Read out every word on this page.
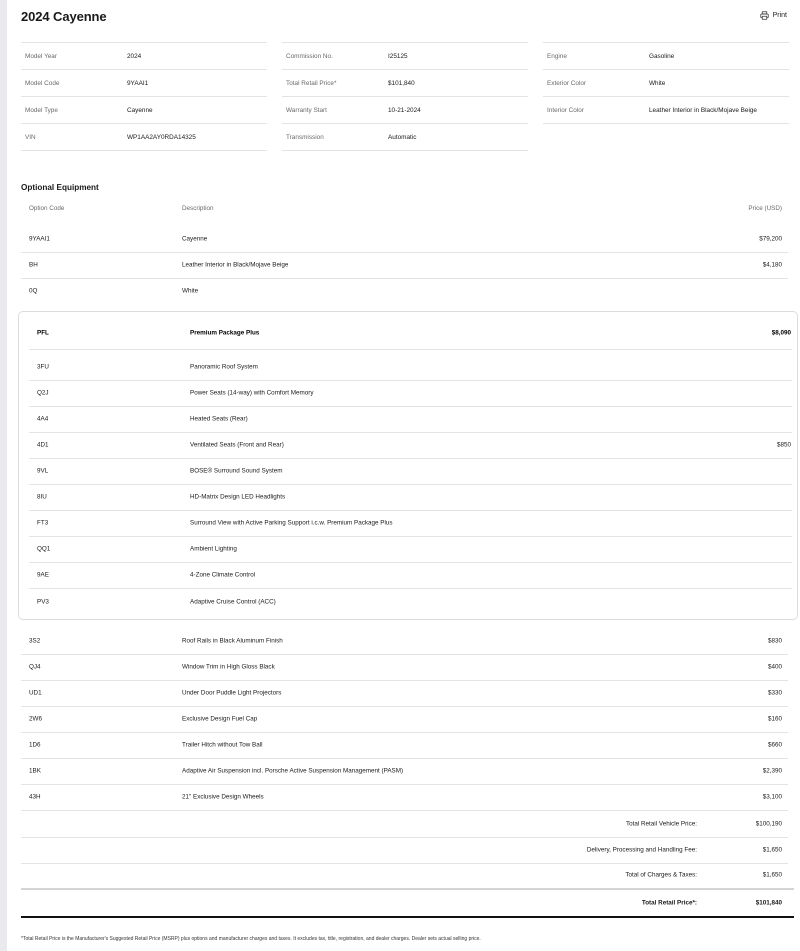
2024 Cayenne	Print
Model Year	2024
Model Code	9YAAI1
Model Type	Cayenne
VIN	WP1AA2AY0RDA14325
Commission No.	I25125
Total Retail Price*	$101,840
Warranty Start	10-21-2024
Transmission	Automatic
Engine	Gasoline
Exterior Color	White
Interior Color	Leather Interior in Black/Mojave Beige
Optional Equipment
Option Code	Description	Price (USD)
9YAAI1	Cayenne	$79,200
BH	Leather Interior in Black/Mojave Beige	$4,180
0Q	White
PFL	Premium Package Plus	$8,090
3FU	Panoramic Roof System
Q2J	Power Seats (14-way) with Comfort Memory
4A4	Heated Seats (Rear)
4D1	Ventilated Seats (Front and Rear)	$850
9VL	BOSE® Surround Sound System
8IU	HD-Matrix Design LED Headlights
FT3	Surround View with Active Parking Support i.c.w. Premium Package Plus
QQ1	Ambient Lighting
9AE	4-Zone Climate Control
PV3	Adaptive Cruise Control (ACC)
3S2	Roof Rails in Black Aluminum Finish	$830
QJ4	Window Trim in High Gloss Black	$400
UD1	Under Door Puddle Light Projectors	$330
2W6	Exclusive Design Fuel Cap	$160
1D6	Trailer Hitch without Tow Ball	$660
1BK	Adaptive Air Suspension incl. Porsche Active Suspension Management (PASM)	$2,390
43H	21" Exclusive Design Wheels	$3,100
Total Retail Vehicle Price:	$100,190
Delivery, Processing and Handling Fee:	$1,650
Total of Charges & Taxes:	$1,650
Total Retail Price*:	$101,840
*Total Retail Price is the Manufacturer's Suggested Retail Price (MSRP) plus options and manufacturer charges and taxes. It excludes tax, title, registration, and dealer charges. Dealer sets actual selling price.
